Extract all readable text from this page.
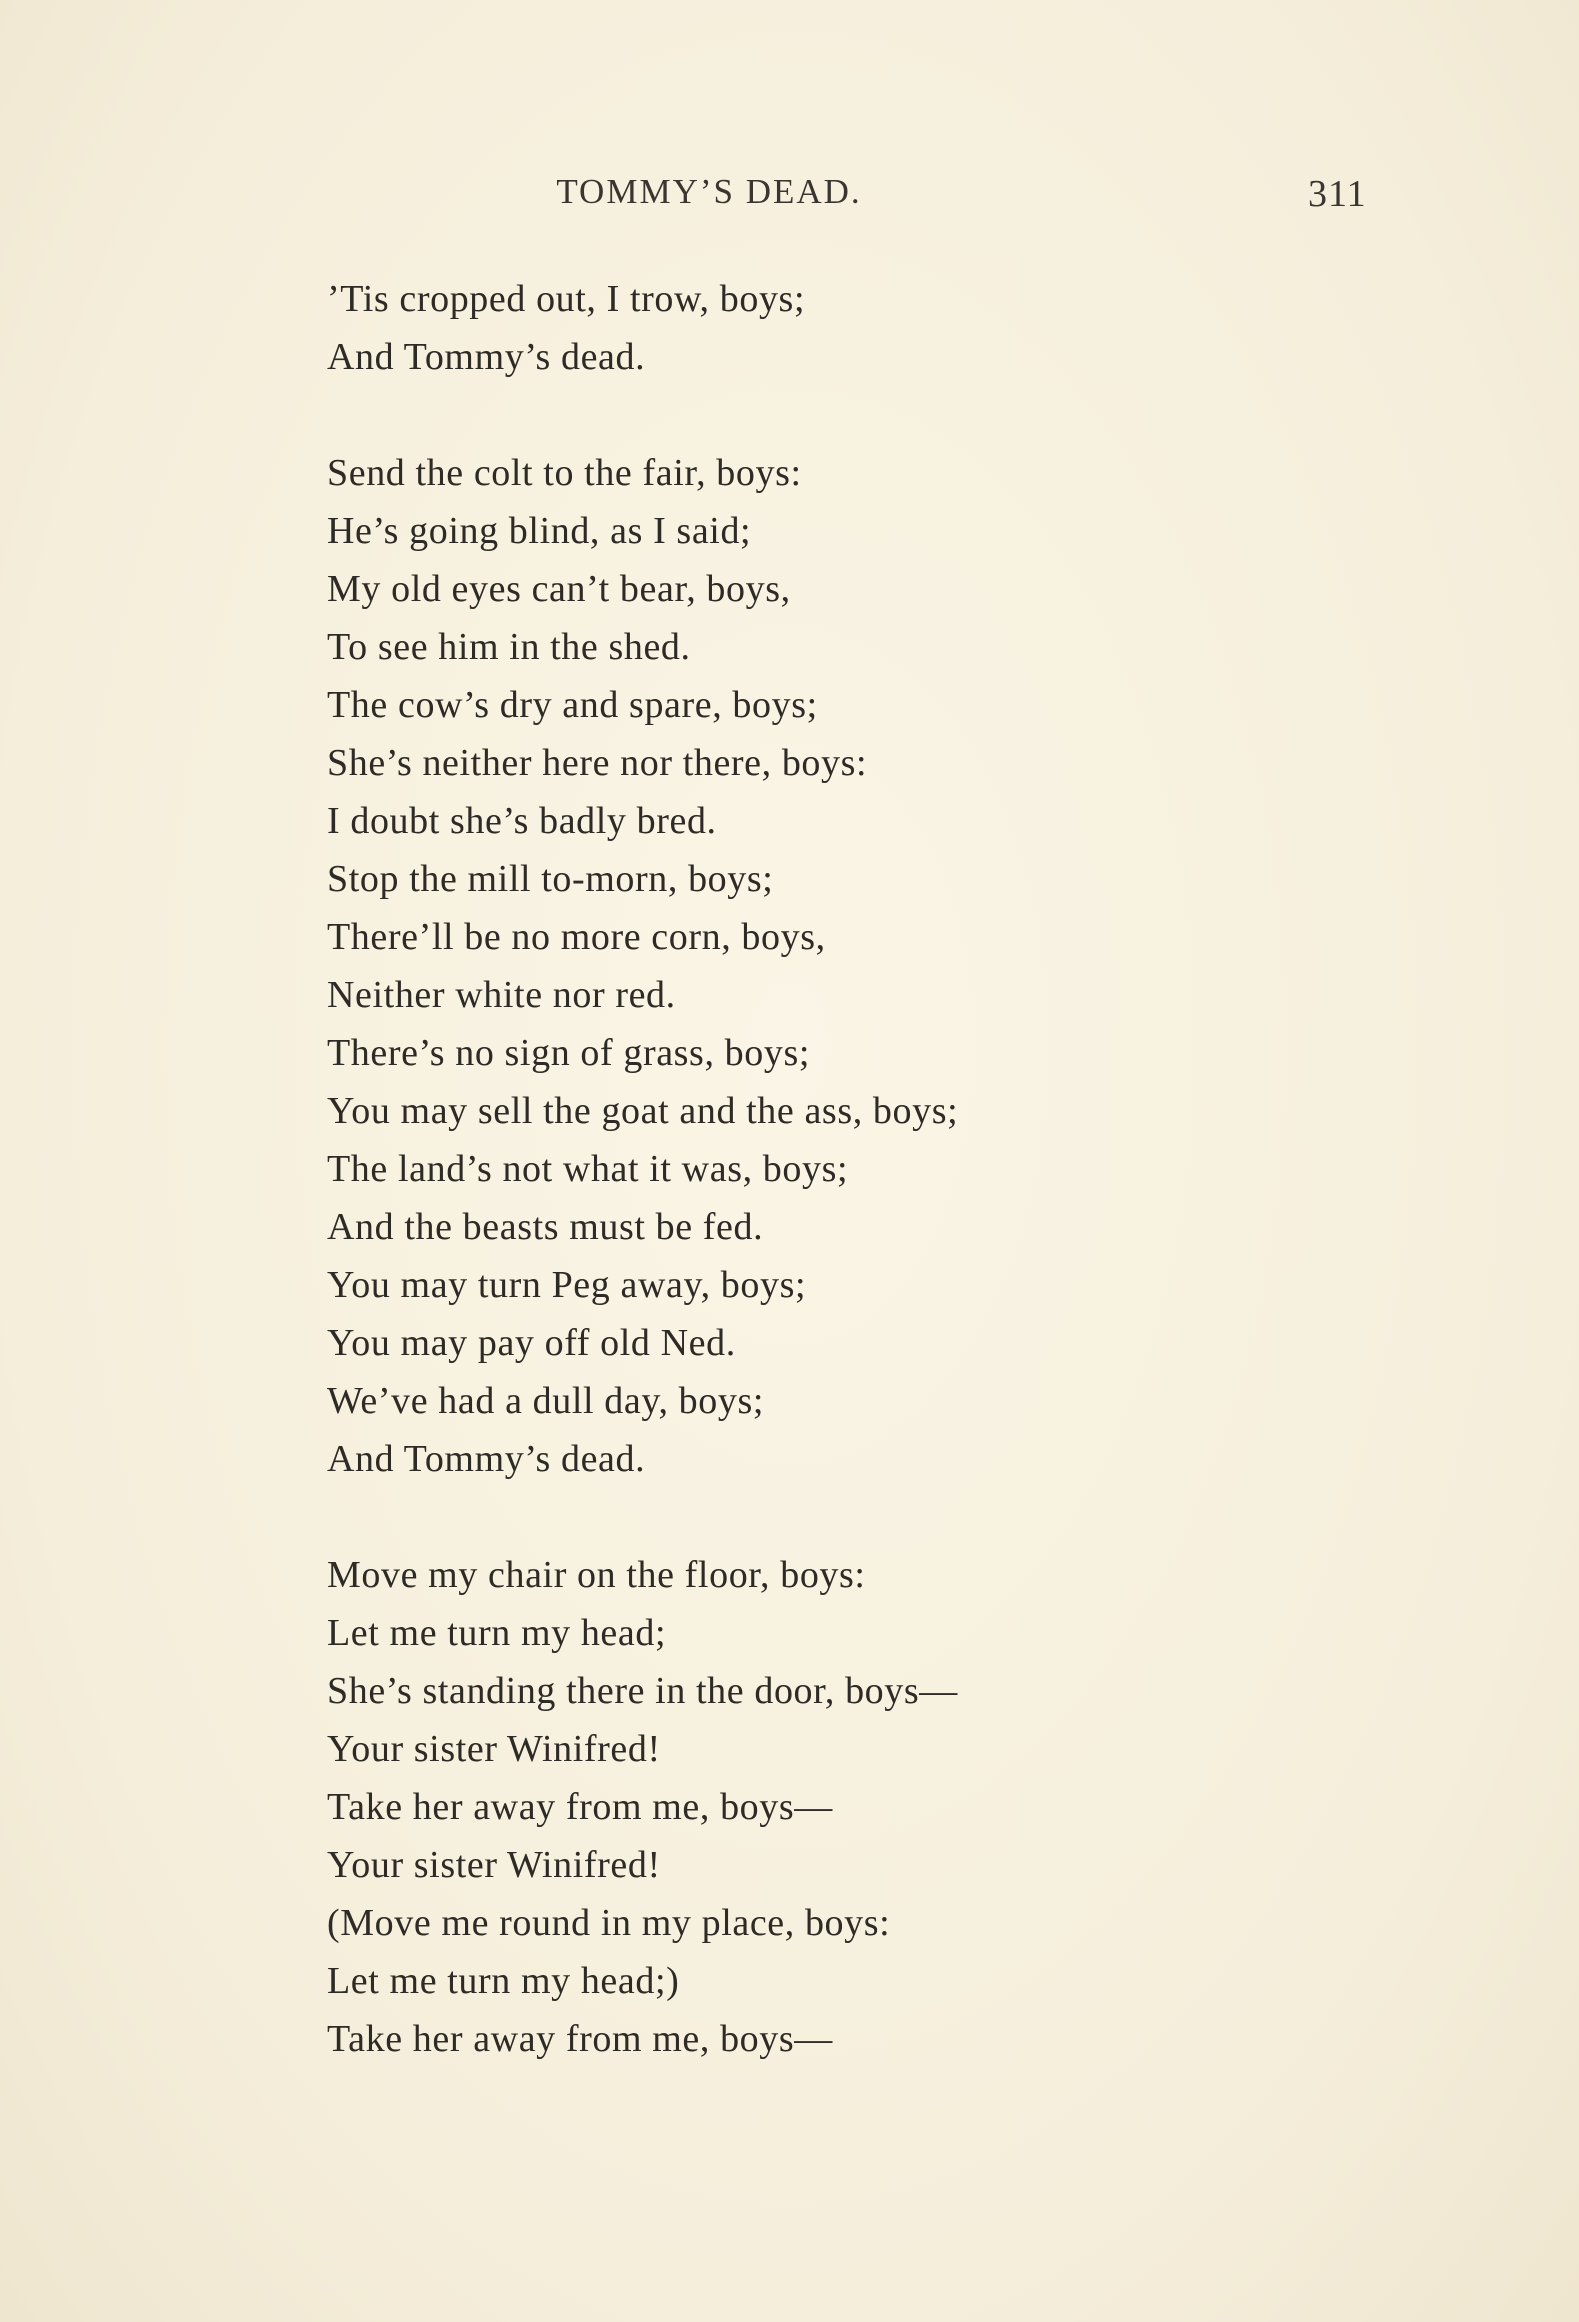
TOMMY’S DEAD.	311
’Tis cropped out, I trow, boys;
And Tommy’s dead.
Send the colt to the fair, boys:
He’s going blind, as I said;
My old eyes can’t bear, boys,
To see him in the shed.
The cow’s dry and spare, boys;
She’s neither here nor there, boys:
I doubt she’s badly bred.
Stop the mill to-morn, boys;
There’ll be no more corn, boys,
Neither white nor red.
There’s no sign of grass, boys;
You may sell the goat and the ass, boys;
The land’s not what it was, boys;
And the beasts must be fed.
You may turn Peg away, boys;
You may pay off old Ned.
We’ve had a dull day, boys;
And Tommy’s dead.
Move my chair on the floor, boys:
Let me turn my head;
She’s standing there in the door, boys—
Your sister Winifred!
Take her away from me, boys—
Your sister Winifred!
(Move me round in my place, boys:
Let me turn my head;)
Take her away from me, boys—
